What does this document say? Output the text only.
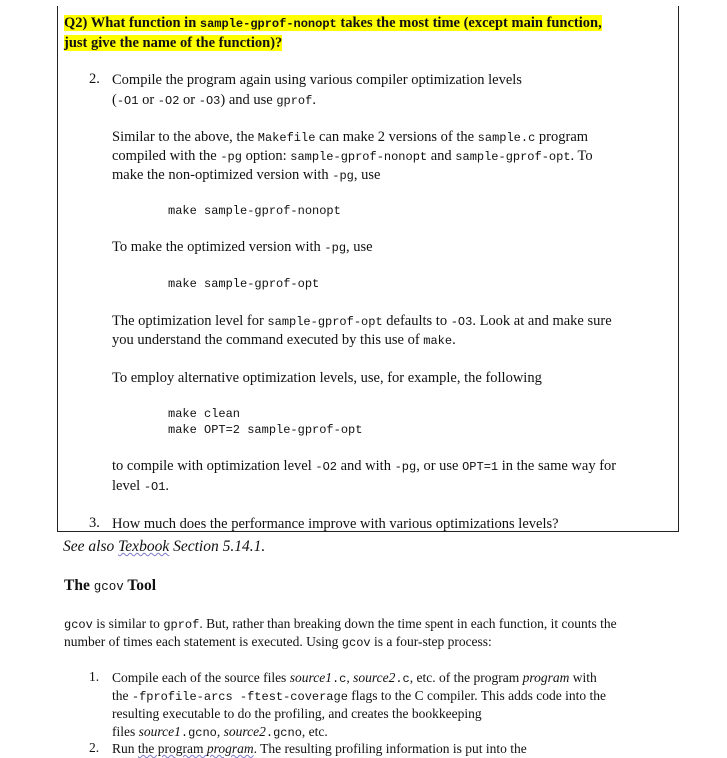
Q2) What function in sample-gprof-nonopt takes the most time (except main function,
just give the name of the function)?
2. Compile the program again using various compiler optimization levels
(-O1 or -O2 or -O3) and use gprof.
Similar to the above, the Makefile can make 2 versions of the sample.c program
compiled with the -pg option: sample-gprof-nonopt and sample-gprof-opt. To
make the non-optimized version with -pg, use
make sample-gprof-nonopt
To make the optimized version with -pg, use
make sample-gprof-opt
The optimization level for sample-gprof-opt defaults to -O3. Look at and make sure
you understand the command executed by this use of make.
To employ alternative optimization levels, use, for example, the following
make clean
make OPT=2 sample-gprof-opt
to compile with optimization level -O2 and with -pg, or use OPT=1 in the same way for
level -O1.
3. How much does the performance improve with various optimizations levels?
See also Texbook Section 5.14.1.
The gcov Tool
gcov is similar to gprof. But, rather than breaking down the time spent in each function, it counts the
number of times each statement is executed. Using gcov is a four-step process:
1. Compile each of the source files source1.c, source2.c, etc. of the program program with
the -fprofile-arcs -ftest-coverage flags to the C compiler. This adds code into the
resulting executable to do the profiling, and creates the bookkeeping
files source1.gcno, source2.gcno, etc.
2. Run the program program. The resulting profiling information is put into the
